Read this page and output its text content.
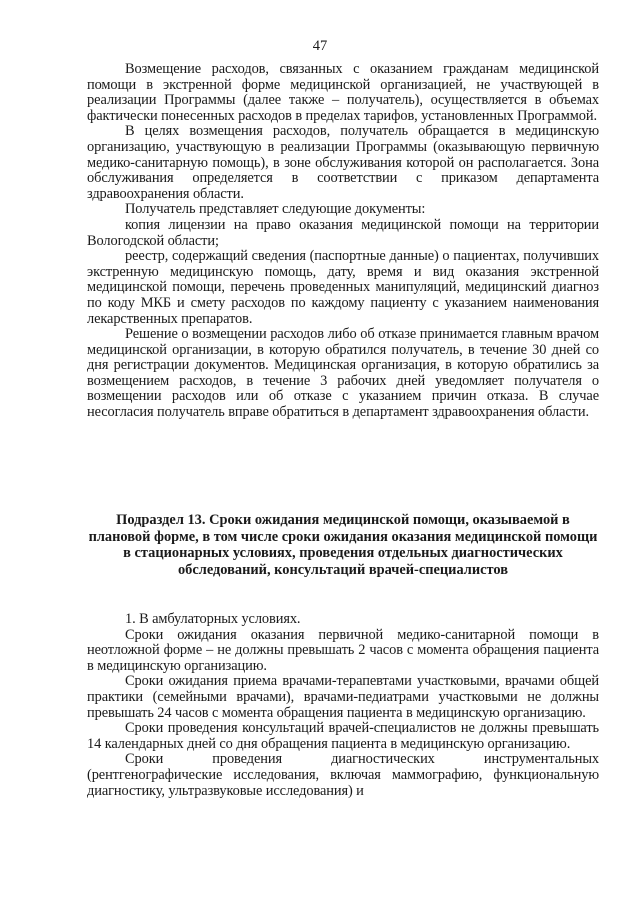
47

Возмещение расходов, связанных с оказанием гражданам медицинской помощи в экстренной форме медицинской организацией, не участвующей в реализации Программы (далее также – получатель), осуществляется в объемах фактически понесенных расходов в пределах тарифов, установленных Программой.

В целях возмещения расходов, получатель обращается в медицинскую организацию, участвующую в реализации Программы (оказывающую первичную медико-санитарную помощь), в зоне обслуживания которой он располагается. Зона обслуживания определяется в соответствии с приказом департамента здравоохранения области.

Получатель представляет следующие документы:

копия лицензии на право оказания медицинской помощи на территории Вологодской области;

реестр, содержащий сведения (паспортные данные) о пациентах, получивших экстренную медицинскую помощь, дату, время и вид оказания экстренной медицинской помощи, перечень проведенных манипуляций, медицинский диагноз по коду МКБ и смету расходов по каждому пациенту с указанием наименования лекарственных препаратов.

Решение о возмещении расходов либо об отказе принимается главным врачом медицинской организации, в которую обратился получатель, в течение 30 дней со дня регистрации документов. Медицинская организация, в которую обратились за возмещением расходов, в течение 3 рабочих дней уведомляет получателя о возмещении расходов или об отказе с указанием причин отказа. В случае несогласия получатель вправе обратиться в департамент здравоохранения области.

Подраздел 13. Сроки ожидания медицинской помощи, оказываемой в плановой форме, в том числе сроки ожидания оказания медицинской помощи в стационарных условиях, проведения отдельных диагностических обследований, консультаций врачей-специалистов

1. В амбулаторных условиях.

Сроки ожидания оказания первичной медико-санитарной помощи в неотложной форме – не должны превышать 2 часов с момента обращения пациента в медицинскую организацию.

Сроки ожидания приема врачами-терапевтами участковыми, врачами общей практики (семейными врачами), врачами-педиатрами участковыми не должны превышать 24 часов с момента обращения пациента в медицинскую организацию.

Сроки проведения консультаций врачей-специалистов не должны превышать 14 календарных дней со дня обращения пациента в медицинскую организацию.

Сроки проведения диагностических инструментальных (рентгенографические исследования, включая маммографию, функциональную диагностику, ультразвуковые исследования) и
